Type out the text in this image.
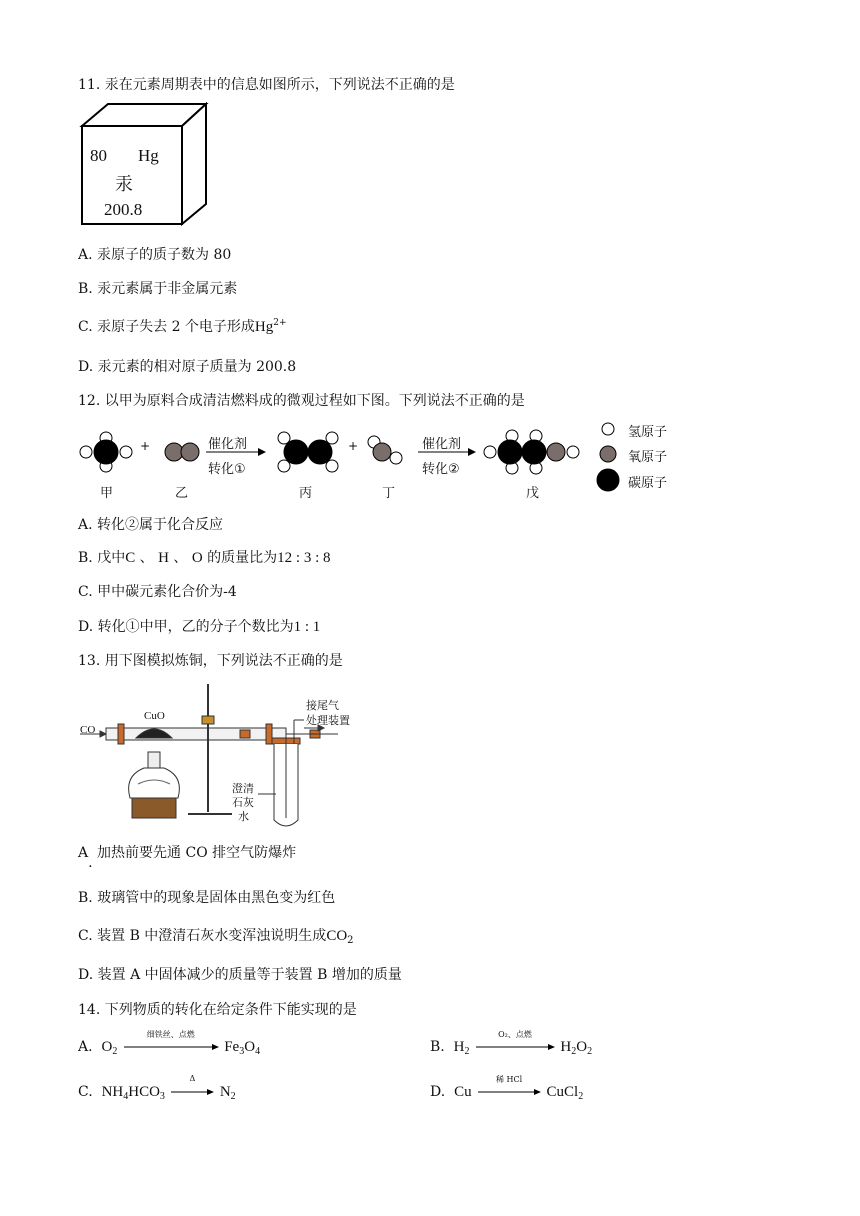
11. 汞在元素周期表中的信息如图所示，下列说法不正确的是
80 Hg
汞
200.8
A. 汞原子的质子数为 80
B. 汞元素属于非金属元素
C. 汞原子失去 2 个电子形成$Hg^{2+}$
D. 汞元素的相对原子质量为 200.8
12. 以甲为原料合成清洁燃料成的微观过程如下图。下列说法不正确的是
+	+
催化剂
转化①
催化剂
转化②
甲	乙	丙	丁	戊
氢原子
氧原子
碳原子
A. 转化②属于化合反应
B. 戊中C 、 H 、 O 的质量比为12 : 3 : 8
C. 甲中碳元素化合价为-4
D. 转化①中甲，乙的分子个数比为1 : 1
13. 用下图模拟炼铜，下列说法不正确的是
CO
CuO
接尾气
处理装置
澄清
石灰
水
A. 加热前要先通 CO 排空气防爆炸
B. 玻璃管中的现象是固体由黑色变为红色
C. 装置 B 中澄清石灰水变浑浊说明生成$CO_2$
D. 装置 A 中固体减少的质量等于装置 B 增加的质量
14. 下列物质的转化在给定条件下能实现的是
A. $O_2$
细铁丝、点燃
$Fe_3O_4$	B. $H_2$
O₂、点燃
$H_2O_2$
C. $NH_4HCO_3$
Δ
$N_2$	D. Cu
稀 HCl
CuCl$_2$
